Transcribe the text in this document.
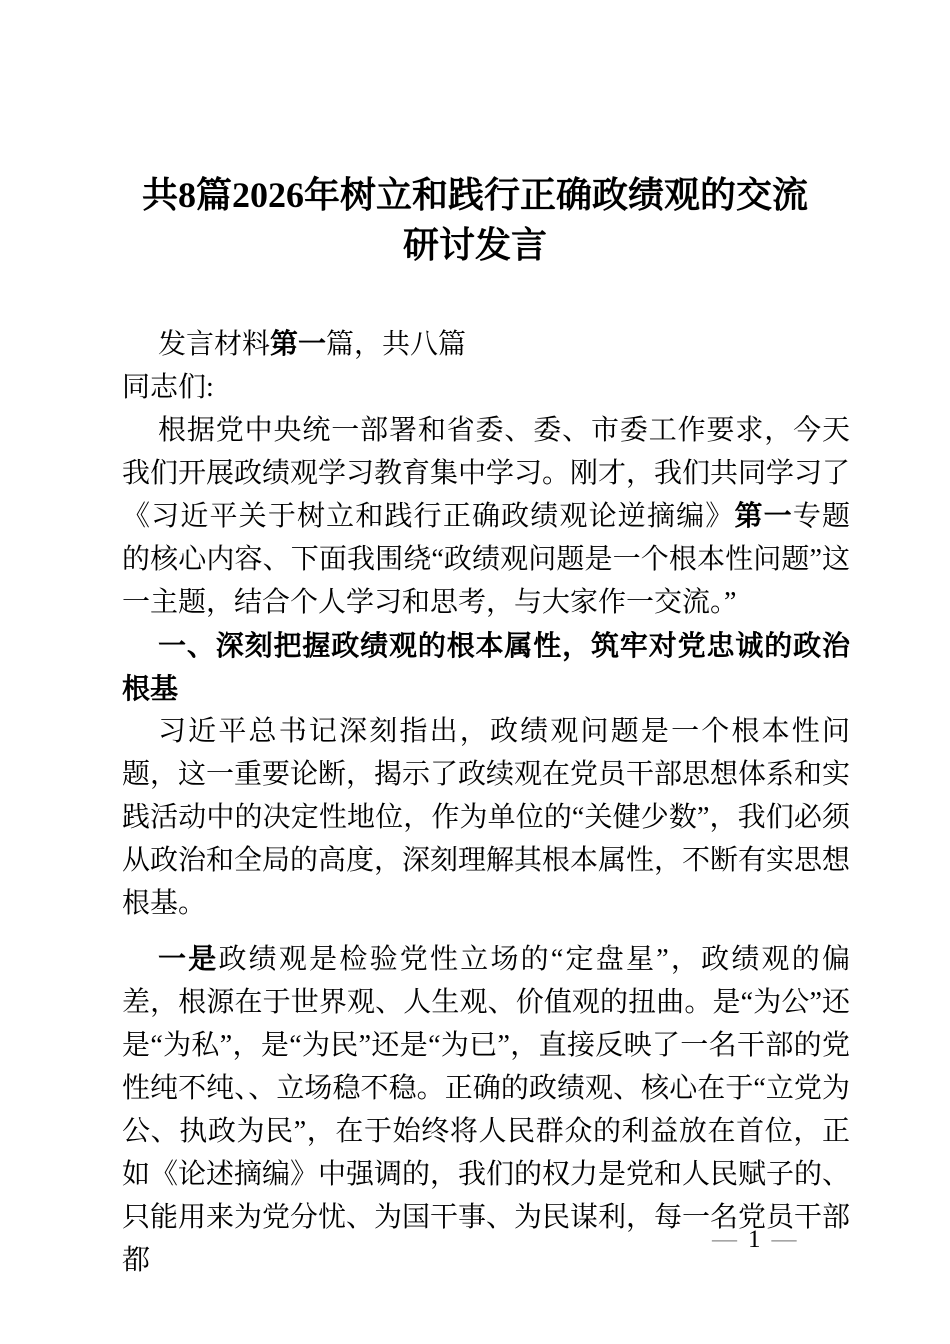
共8篇2026年树立和践行正确政绩观的交流
研讨发言

发言材料第一篇，共八篇

同志们:

根据党中央统一部署和省委、委、市委工作要求，今天我们开展政绩观学习教育集中学习。刚才，我们共同学习了《习近平关于树立和践行正确政绩观论逆摘编》第一专题的核心内容、下面我围绕“政绩观问题是一个根本性问题”这一主题，结合个人学习和思考，与大家作一交流。”

一、深刻把握政绩观的根本属性，筑牢对党忠诚的政治根基

习近平总书记深刻指出，政绩观问题是一个根本性问题，这一重要论断，揭示了政续观在党员干部思想体系和实践活动中的决定性地位，作为单位的“关健少数”，我们必须从政治和全局的高度，深刻理解其根本属性，不断有实思想根基。

一是政绩观是检验党性立场的“定盘星”，政绩观的偏差，根源在于世界观、人生观、价值观的扭曲。是“为公”还是“为私”，是“为民”还是“为已”，直接反映了一名干部的党性纯不纯、、立场稳不稳。正确的政绩观、核心在于“立党为公、执政为民”，在于始终将人民群众的利益放在首位，正如《论述摘编》中强调的，我们的权力是党和人民赋子的、只能用来为党分忧、为国干事、为民谋利，每一名党员干部都

— 1 —
